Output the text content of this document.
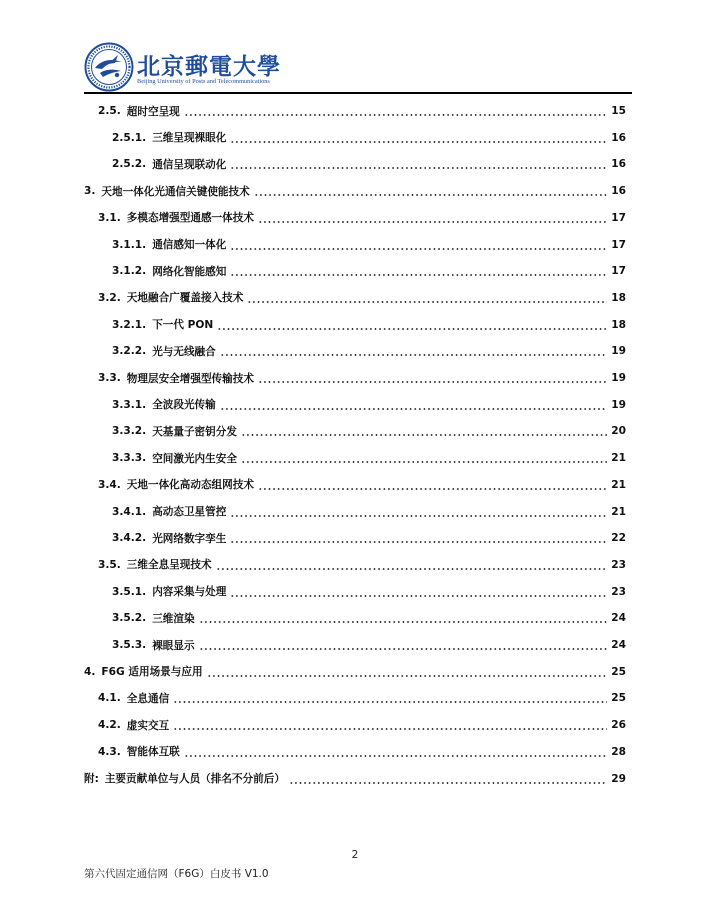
北京郵電大學
Beijing University of Posts and Telecommunications
2.5. 超时空呈现	15
2.5.1. 三维呈现裸眼化	16
2.5.2. 通信呈现联动化	16
3. 天地一体化光通信关键使能技术	16
3.1. 多模态增强型通感一体技术	17
3.1.1. 通信感知一体化	17
3.1.2. 网络化智能感知	17
3.2. 天地融合广覆盖接入技术	18
3.2.1. 下一代 PON	18
3.2.2. 光与无线融合	19
3.3. 物理层安全增强型传输技术	19
3.3.1. 全波段光传输	19
3.3.2. 天基量子密钥分发	20
3.3.3. 空间激光内生安全	21
3.4. 天地一体化高动态组网技术	21
3.4.1. 高动态卫星管控	21
3.4.2. 光网络数字孪生	22
3.5. 三维全息呈现技术	23
3.5.1. 内容采集与处理	23
3.5.2. 三维渲染	24
3.5.3. 裸眼显示	24
4. F6G 适用场景与应用	25
4.1. 全息通信	25
4.2. 虚实交互	26
4.3. 智能体互联	28
附: 主要贡献单位与人员（排名不分前后）	29
2
第六代固定通信网（F6G）白皮书 V1.0
